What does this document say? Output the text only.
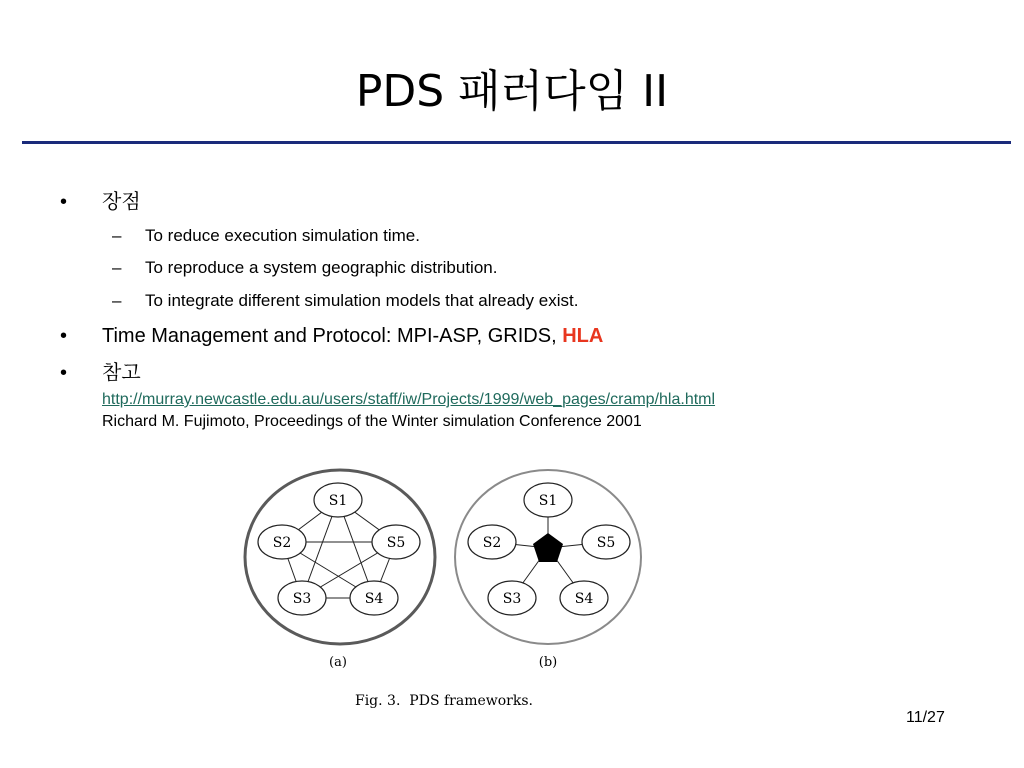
PDS 패러다임 II
• 장점
– To reduce execution simulation time.
– To reproduce a system geographic distribution.
– To integrate different simulation models that already exist.
• Time Management and Protocol: MPI-ASP, GRIDS, HLA
• 참고
http://murray.newcastle.edu.au/users/staff/iw/Projects/1999/web_pages/cramp/hla.html
Richard M. Fujimoto, Proceedings of the Winter simulation Conference 2001
S1
S2	S5
S3	S4
(a)
S1
S2	S5
S3	S4
(b)
Fig. 3.  PDS frameworks.
11/27
